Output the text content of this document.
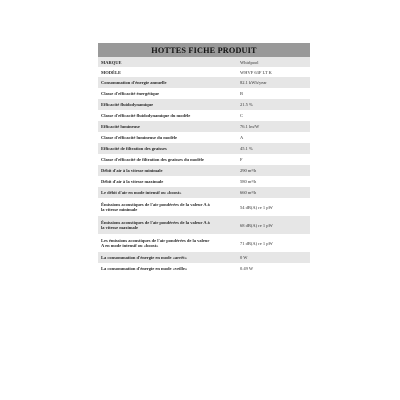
HOTTES FICHE PRODUIT
MARQUE	Whirlpool
MODÈLE	WHVF 63F LT K
Consommation d'énergie annuelle	82.1 kWh/year
Classe d'efficacité énergétique	B
Efficacité fluidodynamique	21.5 %
Classe d'efficacité fluidodynamique du modèle	C
Efficacité lumineuse	76.1 lm/W
Classe d'efficacité lumineuse du modèle	A
Efficacité de filtration des graisses	45.1 %
Classe d'efficacité de filtration des graisses du modèle	F
Débit d'air à la vitesse minimale	290 m³/h
Débit d'air à la vitesse maximale	580 m³/h
Le débit d'air en mode intensif ou «boost»	660 m³/h
Émissions acoustiques de l'air pondérées de la valeur A à
la vitesse minimale	54 dB(A) re 1 pW
Émissions acoustiques de l'air pondérées de la valeur A à
la vitesse maximale	68 dB(A) re 1 pW
Les émissions acoustiques de l'air pondérées de la valeur
A en mode intensif ou «boost»	71 dB(A) re 1 pW
La consommation d'énergie en mode «arrêt»	0 W
La consommation d'énergie en mode «veille»	0.49 W
